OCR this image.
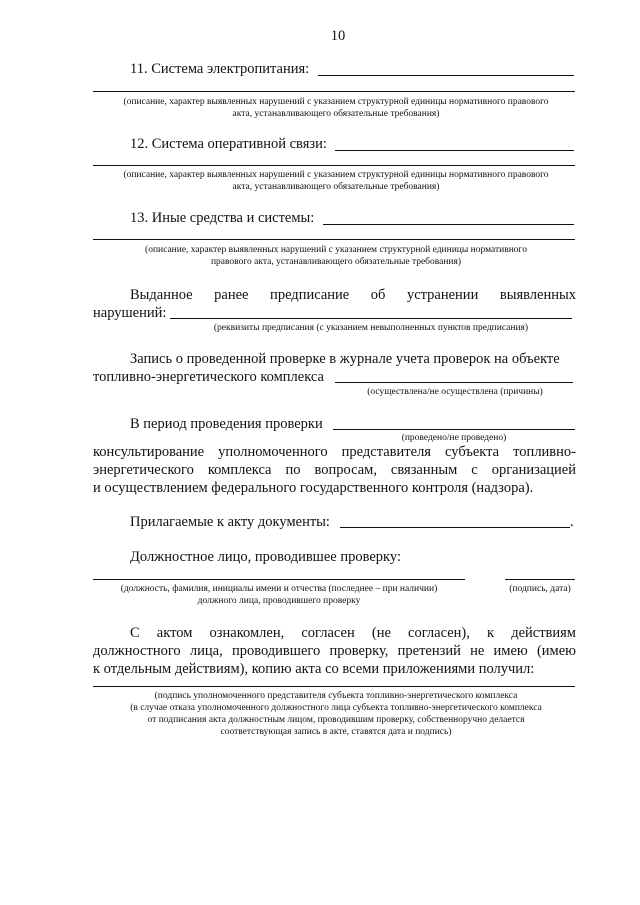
10
11. Система электропитания:
(описание, характер выявленных нарушений с указанием структурной единицы нормативного правового
акта, устанавливающего обязательные требования)
12. Система оперативной связи:
(описание, характер выявленных нарушений с указанием структурной единицы нормативного правового
акта, устанавливающего обязательные требования)
13. Иные средства и системы:
(описание, характер выявленных нарушений с указанием структурной единицы нормативного
правового акта, устанавливающего обязательные требования)
Выданное ранее предписание об устранении выявленных
нарушений:
(реквизиты предписания (с указанием невыполненных пунктов предписания)
Запись о проведенной проверке в журнале учета проверок на объекте
топливно-энергетического комплекса
(осуществлена/не осуществлена (причины)
В период проведения проверки
(проведено/не проведено)
консультирование уполномоченного представителя субъекта топливно-
энергетического комплекса по вопросам, связанным с организацией
и осуществлением федерального государственного контроля (надзора).
Прилагаемые к акту документы:	.
Должностное лицо, проводившее проверку:
(должность, фамилия, инициалы имени и отчества (последнее – при наличии)
должного лица, проводившего проверку
(подпись, дата)
С актом ознакомлен, согласен (не согласен), к действиям
должностного лица, проводившего проверку, претензий не имею (имею
к отдельным действиям), копию акта со всеми приложениями получил:
(подпись уполномоченного представителя субъекта топливно-энергетического комплекса
(в случае отказа уполномоченного должностного лица субъекта топливно-энергетического комплекса
от подписания акта должностным лицом, проводившим проверку, собственноручно делается
соответствующая запись в акте, ставятся дата и подпись)
